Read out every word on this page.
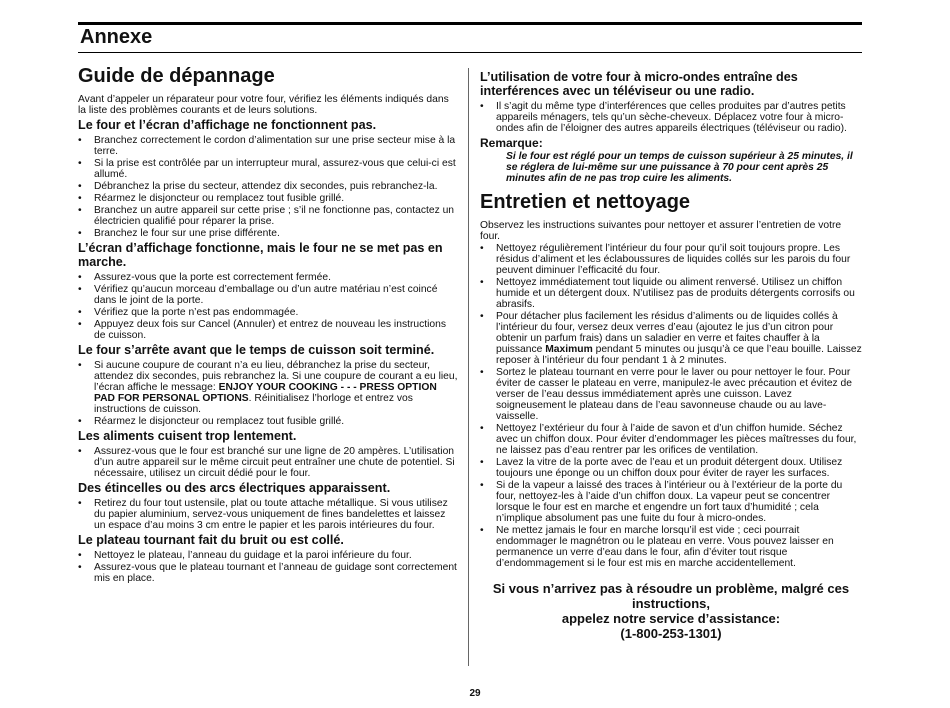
Annexe
Guide de dépannage
Avant d’appeler un réparateur pour votre four, vérifiez les éléments indiqués dans la liste des problèmes courants et de leurs solutions.
Le four et l’écran d’affichage ne fonctionnent pas.
• Branchez correctement le cordon d’alimentation sur une prise secteur mise à la terre.
• Si la prise est contrôlée par un interrupteur mural, assurez-vous que celui-ci est allumé.
• Débranchez la prise du secteur, attendez dix secondes, puis rebranchez-la.
• Réarmez le disjoncteur ou remplacez tout fusible grillé.
• Branchez un autre appareil sur cette prise ; s’il ne fonctionne pas, contactez un électricien qualifié pour réparer la prise.
• Branchez le four sur une prise différente.
L’écran d’affichage fonctionne, mais le four ne se met pas en marche.
• Assurez-vous que la porte est correctement fermée.
• Vérifiez qu’aucun morceau d’emballage ou d’un autre matériau n’est coincé dans le joint de la porte.
• Vérifiez que la porte n’est pas endommagée.
• Appuyez deux fois sur Cancel (Annuler) et entrez de nouveau les instructions de cuisson.
Le four s’arrête avant que le temps de cuisson soit terminé.
• Si aucune coupure de courant n’a eu lieu, débranchez la prise du secteur, attendez dix secondes, puis rebranchez la. Si une coupure de courant a eu lieu, l’écran affiche le message: ENJOY YOUR COOKING - - - PRESS OPTION PAD FOR PERSONAL OPTIONS. Réinitialisez l’horloge et entrez vos instructions de cuisson.
• Réarmez le disjoncteur ou remplacez tout fusible grillé.
Les aliments cuisent trop lentement.
• Assurez-vous que le four est branché sur une ligne de 20 ampères. L’utilisation d’un autre appareil sur le même circuit peut entraîner une chute de potentiel. Si nécessaire, utilisez un circuit dédié pour le four.
Des étincelles ou des arcs électriques apparaissent.
• Retirez du four tout ustensile, plat ou toute attache métallique. Si vous utilisez du papier aluminium, servez-vous uniquement de fines bandelettes et laissez un espace d’au moins 3 cm entre le papier et les parois intérieures du four.
Le plateau tournant fait du bruit ou est collé.
• Nettoyez le plateau, l’anneau du guidage et la paroi inférieure du four.
• Assurez-vous que le plateau tournant et l’anneau de guidage sont correctement mis en place.
L’utilisation de votre four à micro-ondes entraîne des interférences avec un téléviseur ou une radio.
• Il s’agit du même type d’interférences que celles produites par d’autres petits appareils ménagers, tels qu’un sèche-cheveux. Déplacez votre four à micro-ondes afin de l’éloigner des autres appareils électriques (téléviseur ou radio).
Remarque:
Si le four est réglé pour un temps de cuisson supérieur à 25 minutes, il se réglera de lui-même sur une puissance à 70 pour cent après 25 minutes afin de ne pas trop cuire les aliments.
Entretien et nettoyage
Observez les instructions suivantes pour nettoyer et assurer l’entretien de votre four.
• Nettoyez régulièrement l’intérieur du four pour qu’il soit toujours propre. Les résidus d’aliment et les éclaboussures de liquides collés sur les parois du four peuvent diminuer l’efficacité du four.
• Nettoyez immédiatement tout liquide ou aliment renversé. Utilisez un chiffon humide et un détergent doux. N’utilisez pas de produits détergents corrosifs ou abrasifs.
• Pour détacher plus facilement les résidus d’aliments ou de liquides collés à l’intérieur du four, versez deux verres d’eau (ajoutez le jus d’un citron pour obtenir un parfum frais) dans un saladier en verre et faites chauffer à la puissance Maximum pendant 5 minutes ou jusqu’à ce que l’eau bouille. Laissez reposer à l’intérieur du four pendant 1 à 2 minutes.
• Sortez le plateau tournant en verre pour le laver ou pour nettoyer le four. Pour éviter de casser le plateau en verre, manipulez-le avec précaution et évitez de verser de l’eau dessus immédiatement après une cuisson. Lavez soigneusement le plateau dans de l’eau savonneuse chaude ou au lave-vaisselle.
• Nettoyez l’extérieur du four à l’aide de savon et d’un chiffon humide. Séchez avec un chiffon doux. Pour éviter d’endommager les pièces maîtresses du four, ne laissez pas d’eau rentrer par les orifices de ventilation.
• Lavez la vitre de la porte avec de l’eau et un produit détergent doux. Utilisez toujours une éponge ou un chiffon doux pour éviter de rayer les surfaces.
• Si de la vapeur a laissé des traces à l’intérieur ou à l’extérieur de la porte du four, nettoyez-les à l’aide d’un chiffon doux. La vapeur peut se concentrer lorsque le four est en marche et engendre un fort taux d’humidité ; cela n’implique absolument pas une fuite du four à micro-ondes.
• Ne mettez jamais le four en marche lorsqu’il est vide ; ceci pourrait endommager le magnétron ou le plateau en verre. Vous pouvez laisser en permanence un verre d’eau dans le four, afin d’éviter tout risque d’endommagement si le four est mis en marche accidentellement.
Si vous n’arrivez pas à résoudre un problème, malgré ces instructions,
appelez notre service d’assistance:
(1-800-253-1301)
29
